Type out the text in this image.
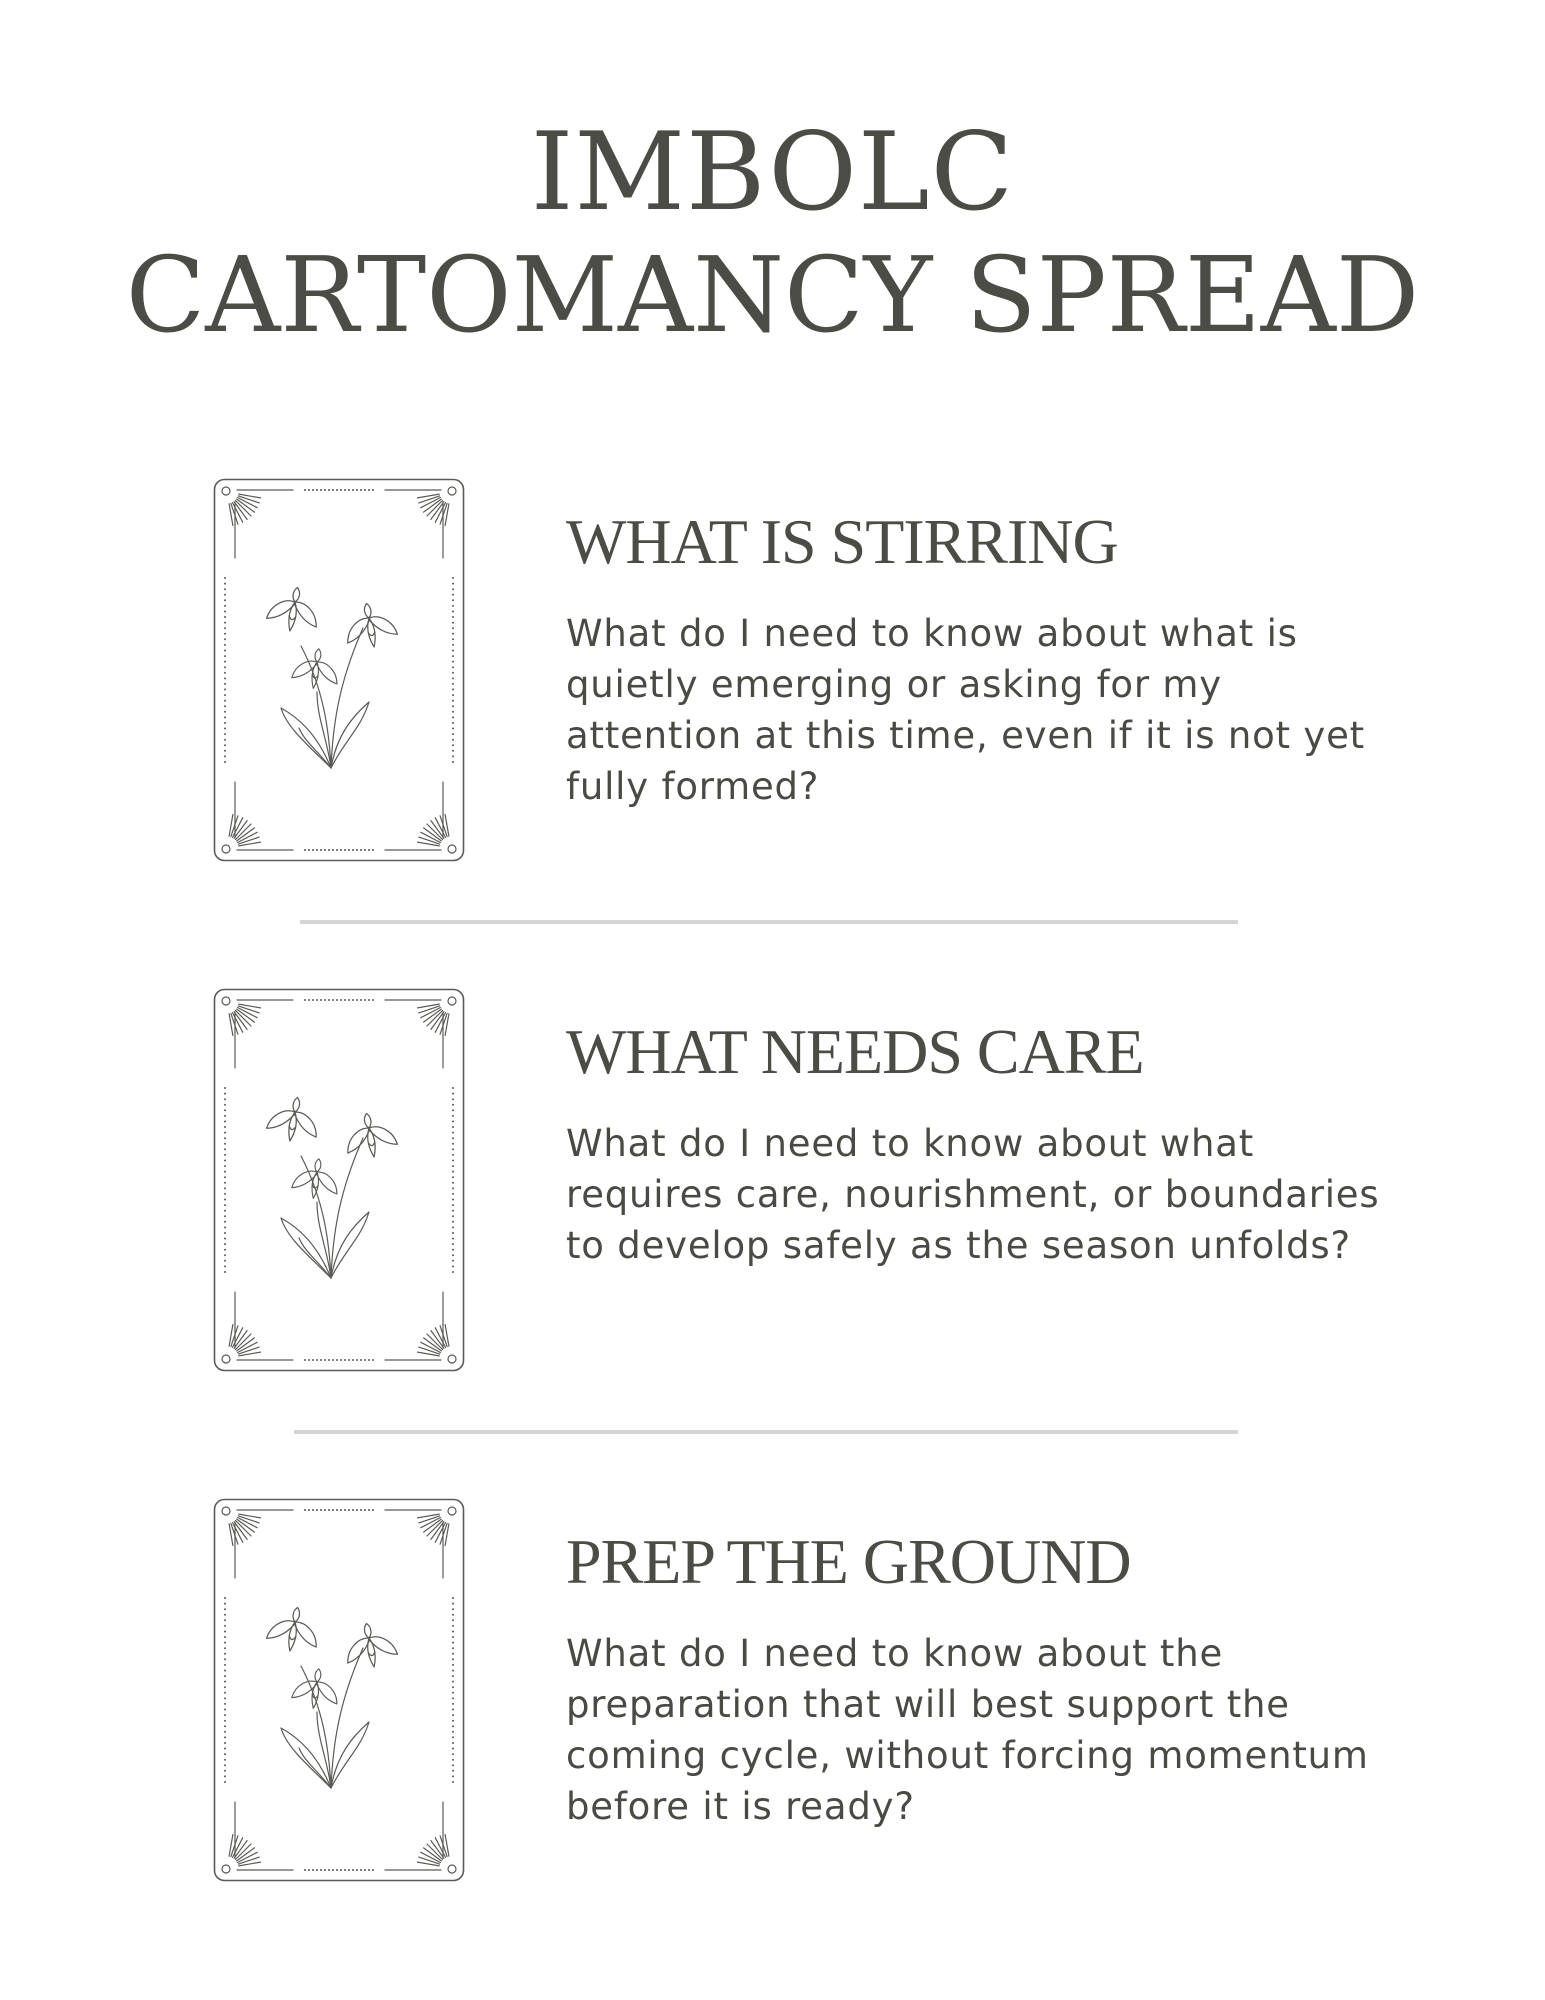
IMBOLC
CARTOMANCY SPREAD
WHAT IS STIRRING

What do I need to know about what is quietly emerging or asking for my attention at this time, even if it is not yet fully formed?

WHAT NEEDS CARE

What do I need to know about what requires care, nourishment, or boundaries to develop safely as the season unfolds?

PREP THE GROUND

What do I need to know about the preparation that will best support the coming cycle, without forcing momentum before it is ready?
